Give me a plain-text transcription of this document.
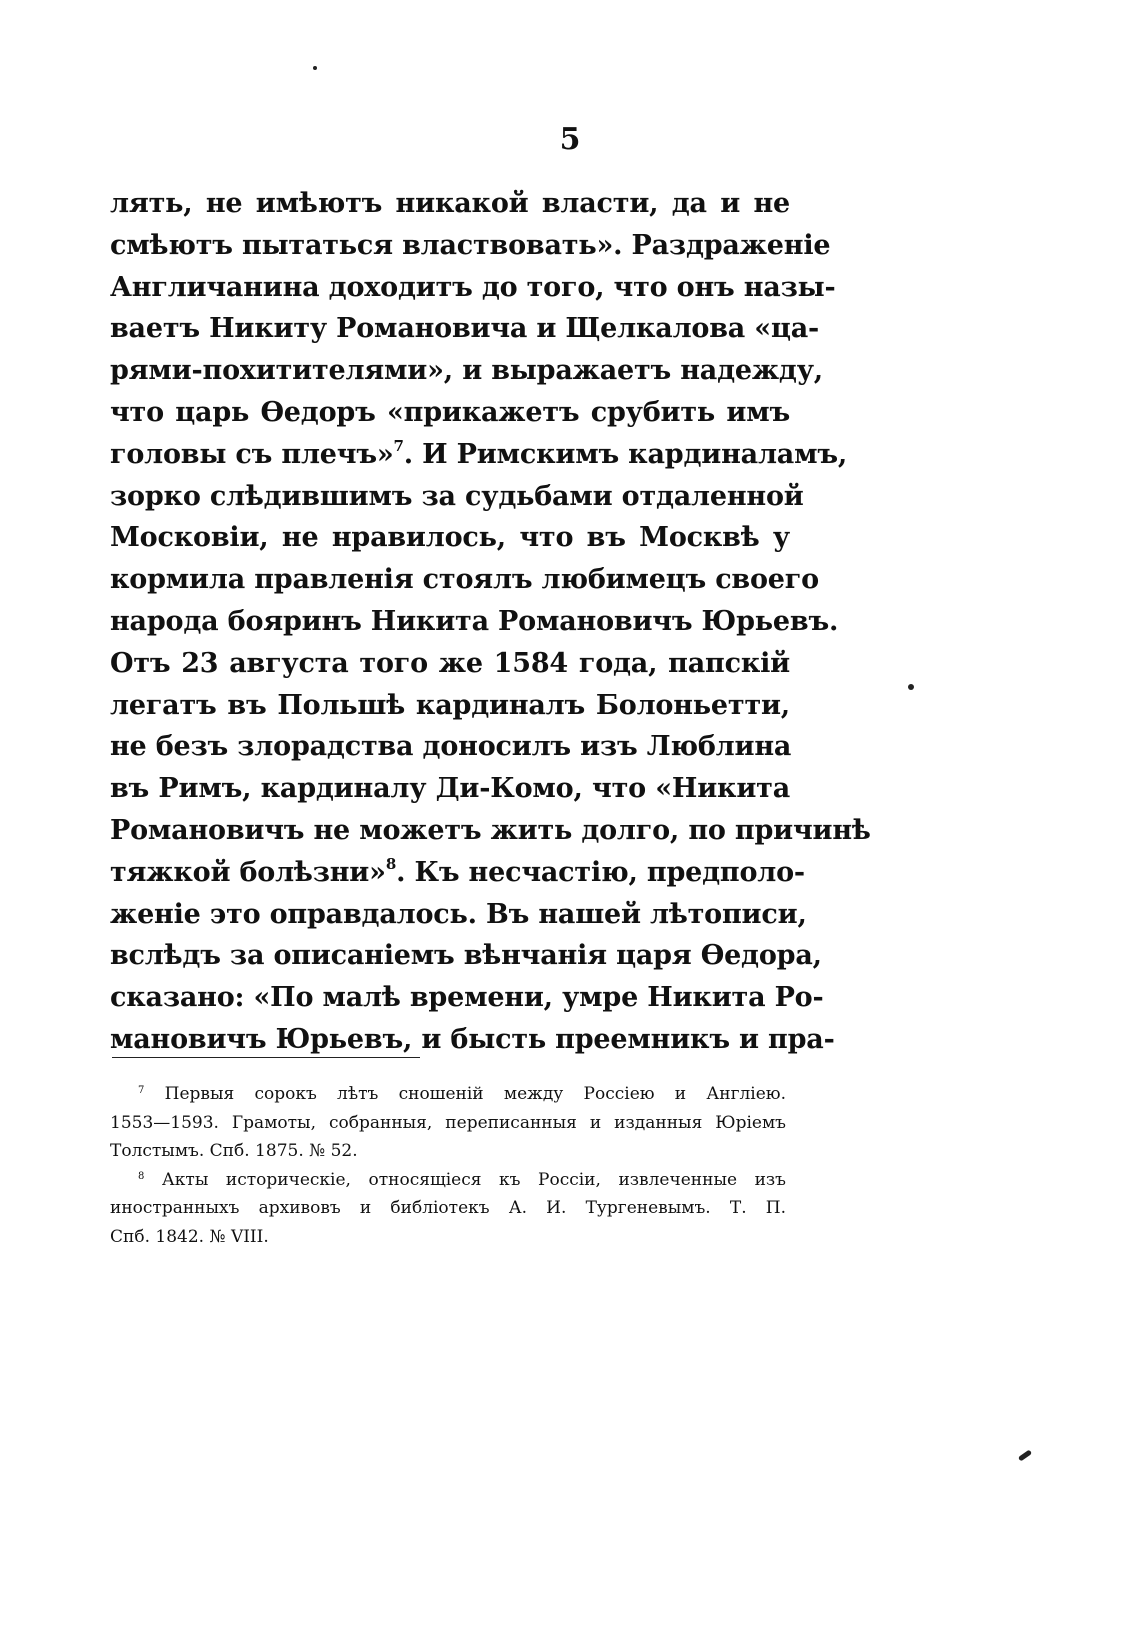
5
лять, не имѣютъ никакой власти, да и не
смѣютъ пытаться властвовать». Раздраженіе
Англичанина доходитъ до того, что онъ назы-
ваетъ Никиту Романовича и Щелкалова «ца-
рями-похитителями», и выражаетъ надежду,
что царь Ѳедоръ «прикажетъ срубить имъ
головы съ плечъ»$^7$. И Римскимъ кардиналамъ,
зорко слѣдившимъ за судьбами отдаленной
Московіи, не нравилось, что въ Москвѣ у
кормила правленія стоялъ любимецъ своего
народа бояринъ Никита Романовичъ Юрьевъ.
Отъ 23 августа того же 1584 года, папскій
легатъ въ Польшѣ кардиналъ Болоньетти,
не безъ злорадства доносилъ изъ Люблина
въ Римъ, кардиналу Ди-Комо, что «Никита
Романовичъ не можетъ жить долго, по причинѣ
тяжкой болѣзни»$^8$. Къ несчастію, предполо-
женіе это оправдалось. Въ нашей лѣтописи,
вслѣдъ за описаніемъ вѣнчанія царя Ѳедора,
сказано: «По малѣ времени, умре Никита Ро-
мановичъ Юрьевъ, и бысть преемникъ и пра-
$^7$ Первыя сорокъ лѣтъ сношеній между Россіею и Англіею.
1553—1593. Грамоты, собранныя, переписанныя и изданныя Юріемъ
Толстымъ. Спб. 1875. № 52.
$^8$ Акты историческіе, относящіеся къ Россіи, извлеченные изъ
иностранныхъ архивовъ и библіотекъ А. И. Тургеневымъ. Т. П.
Спб. 1842. № VIII.
